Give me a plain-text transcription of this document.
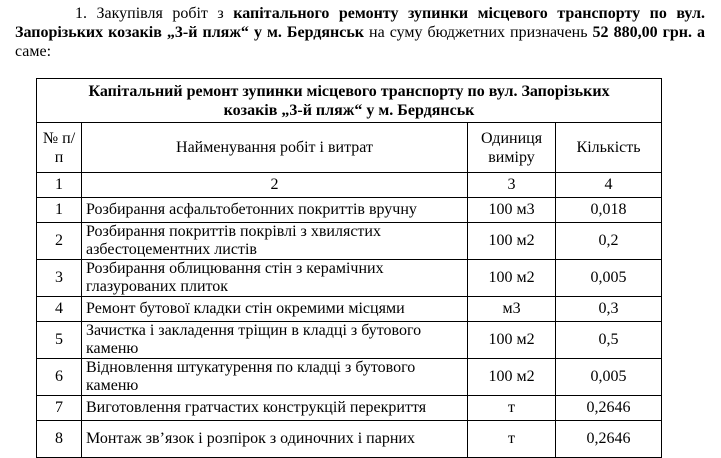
1. Закупівля робіт з капітального ремонту зупинки місцевого транспорту по вул. Запорізьких козаків „3-й пляж“ у м. Бердянськ на суму бюджетних призначень 52 880,00 грн. а саме:

Капітальний ремонт зупинки місцевого транспорту по вул. Запорізьких козаків „3-й пляж“ у м. Бердянськ			
№ п/п	Найменування робіт і витрат	Одиниця виміру	Кількість
1	2	3	4
1	Розбирання асфальтобетонних покриттів вручну	100 м3	0,018
2	Розбирання покриттів покрівлі з хвилястих азбестоцементних листів	100 м2	0,2
3	Розбирання облицювання стін з керамічних глазурованих плиток	100 м2	0,005
4	Ремонт бутової кладки стін окремими місцями	м3	0,3
5	Зачистка і закладення тріщин в кладці з бутового каменю	100 м2	0,5
6	Відновлення штукатурення по кладці з бутового каменю	100 м2	0,005
7	Виготовлення гратчастих конструкцій перекриття	т	0,2646
8	Монтаж зв’язок і розпірок з одиночних і парних	т	0,2646
